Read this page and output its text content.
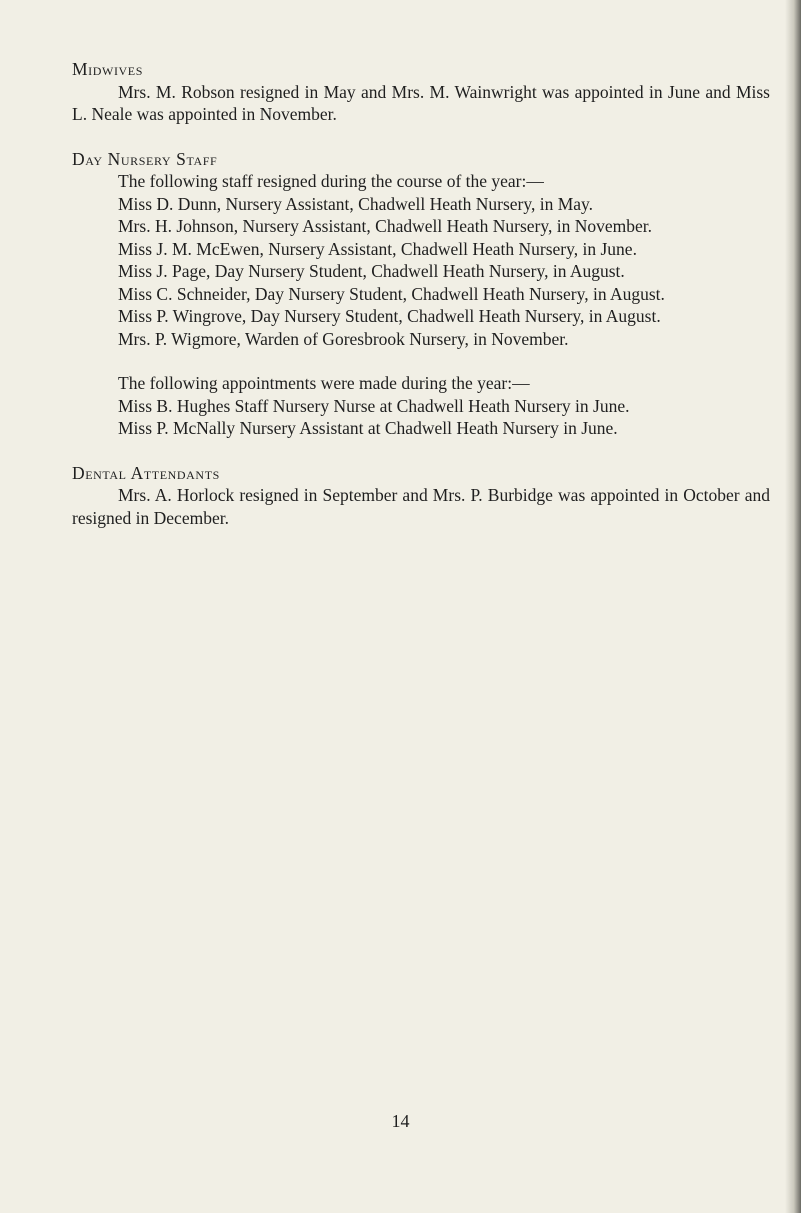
Midwives

Mrs. M. Robson resigned in May and Mrs. M. Wainwright was appointed in June and Miss L. Neale was appointed in November.

Day Nursery Staff

The following staff resigned during the course of the year:—

Miss D. Dunn, Nursery Assistant, Chadwell Heath Nursery, in May.

Mrs. H. Johnson, Nursery Assistant, Chadwell Heath Nursery, in November.

Miss J. M. McEwen, Nursery Assistant, Chadwell Heath Nursery, in June.

Miss J. Page, Day Nursery Student, Chadwell Heath Nursery, in August.

Miss C. Schneider, Day Nursery Student, Chadwell Heath Nursery, in August.

Miss P. Wingrove, Day Nursery Student, Chadwell Heath Nursery, in August.

Mrs. P. Wigmore, Warden of Goresbrook Nursery, in November.

The following appointments were made during the year:—

Miss B. Hughes Staff Nursery Nurse at Chadwell Heath Nursery in June.

Miss P. McNally Nursery Assistant at Chadwell Heath Nursery in June.

Dental Attendants

Mrs. A. Horlock resigned in September and Mrs. P. Burbidge was appointed in October and resigned in December.

14
